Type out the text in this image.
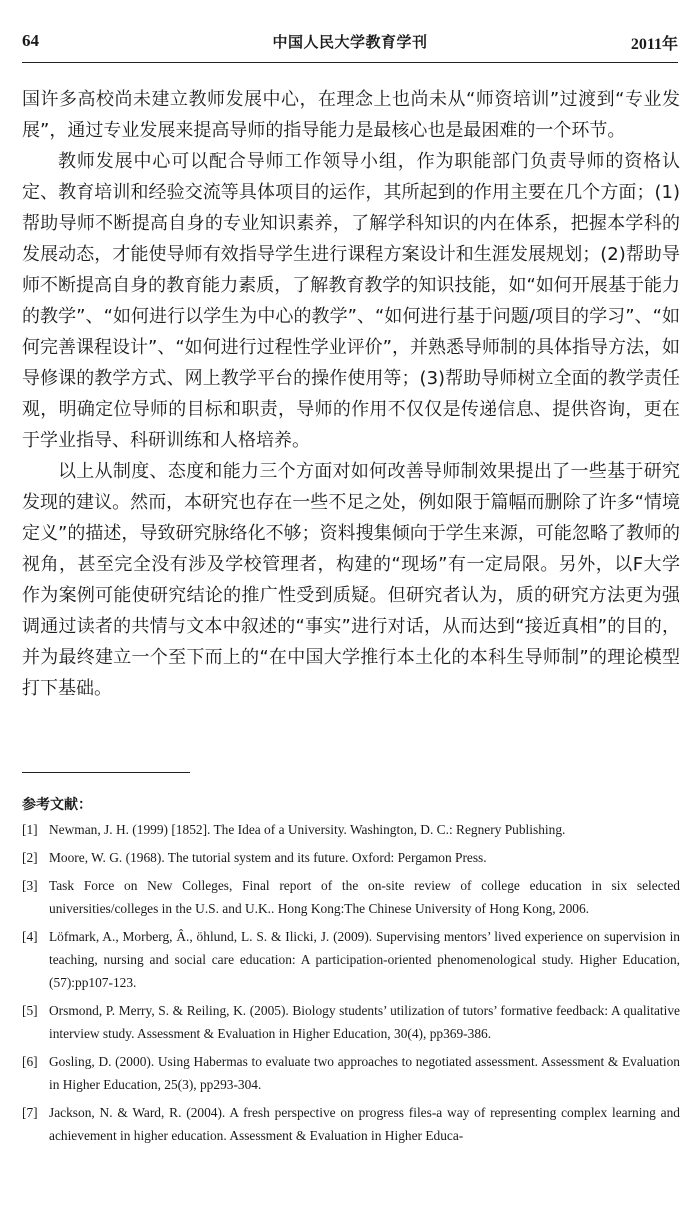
64	中国人民大学教育学刊	2011年

国许多高校尚未建立教师发展中心，在理念上也尚未从“师资培训”过渡到“专业发展”，通过专业发展来提高导师的指导能力是最核心也是最困难的一个环节。

教师发展中心可以配合导师工作领导小组，作为职能部门负责导师的资格认定、教育培训和经验交流等具体项目的运作，其所起到的作用主要在几个方面；(1)帮助导师不断提高自身的专业知识素养，了解学科知识的内在体系，把握本学科的发展动态，才能使导师有效指导学生进行课程方案设计和生涯发展规划；(2)帮助导师不断提高自身的教育能力素质，了解教育教学的知识技能，如“如何开展基于能力的教学”、“如何进行以学生为中心的教学”、“如何进行基于问题/项目的学习”、“如何完善课程设计”、“如何进行过程性学业评价”，并熟悉导师制的具体指导方法，如导修课的教学方式、网上教学平台的操作使用等；(3)帮助导师树立全面的教学责任观，明确定位导师的目标和职责，导师的作用不仅仅是传递信息、提供咨询，更在于学业指导、科研训练和人格培养。

以上从制度、态度和能力三个方面对如何改善导师制效果提出了一些基于研究发现的建议。然而，本研究也存在一些不足之处，例如限于篇幅而删除了许多“情境定义”的描述，导致研究脉络化不够；资料搜集倾向于学生来源，可能忽略了教师的视角，甚至完全没有涉及学校管理者，构建的“现场”有一定局限。另外，以F大学作为案例可能使研究结论的推广性受到质疑。但研究者认为，质的研究方法更为强调通过读者的共情与文本中叙述的“事实”进行对话，从而达到“接近真相”的目的，并为最终建立一个至下而上的“在中国大学推行本土化的本科生导师制”的理论模型打下基础。

参考文献：
[1] Newman, J. H. (1999) [1852]. The Idea of a University. Washington, D. C.: Regnery Publishing.
[2] Moore, W. G. (1968). The tutorial system and its future. Oxford: Pergamon Press.
[3] Task Force on New Colleges, Final report of the on-site review of college education in six selected universities/colleges in the U.S. and U.K.. Hong Kong:The Chinese University of Hong Kong, 2006.
[4] Löfmark, A., Morberg, Â., öhlund, L. S. & Ilicki, J. (2009). Supervising mentors’ lived experience on supervision in teaching, nursing and social care education: A participation-oriented phenomenological study. Higher Education, (57):pp107-123.
[5] Orsmond, P. Merry, S. & Reiling, K. (2005). Biology students’ utilization of tutors’ formative feedback: A qualitative interview study. Assessment & Evaluation in Higher Education, 30(4), pp369-386.
[6] Gosling, D. (2000). Using Habermas to evaluate two approaches to negotiated assessment. Assessment & Evaluation in Higher Education, 25(3), pp293-304.
[7] Jackson, N. & Ward, R. (2004). A fresh perspective on progress files-a way of representing complex learning and achievement in higher education. Assessment & Evaluation in Higher Educa-
